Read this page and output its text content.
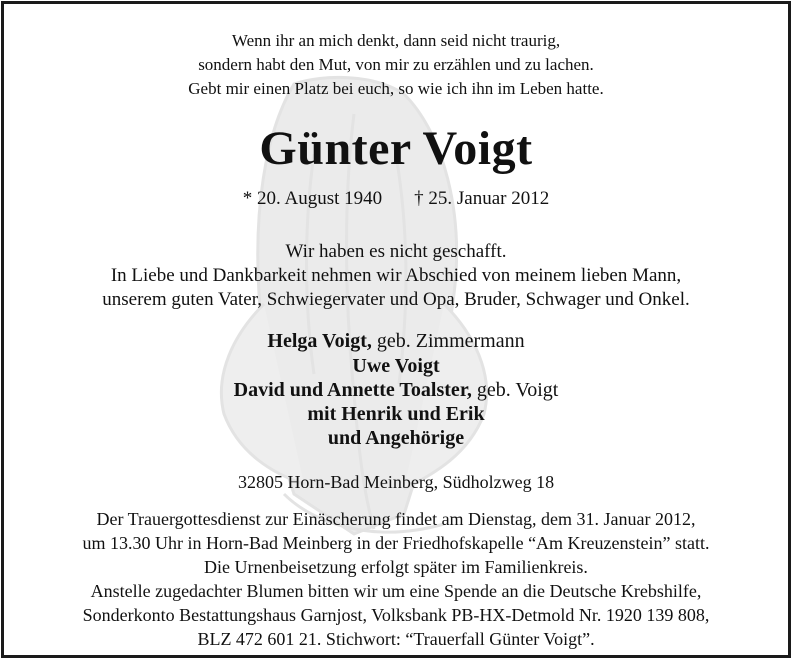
Wenn ihr an mich denkt, dann seid nicht traurig,
sondern habt den Mut, von mir zu erzählen und zu lachen.
Gebt mir einen Platz bei euch, so wie ich ihn im Leben hatte.
Günter Voigt
* 20. August 1940 † 25. Januar 2012
Wir haben es nicht geschafft.
In Liebe und Dankbarkeit nehmen wir Abschied von meinem lieben Mann,
unserem guten Vater, Schwiegervater und Opa, Bruder, Schwager und Onkel.
Helga Voigt, geb. Zimmermann
Uwe Voigt
David und Annette Toalster, geb. Voigt
mit Henrik und Erik
und Angehörige
32805 Horn-Bad Meinberg, Südholzweg 18
Der Trauergottesdienst zur Einäscherung findet am Dienstag, dem 31. Januar 2012,
um 13.30 Uhr in Horn-Bad Meinberg in der Friedhofskapelle “Am Kreuzenstein” statt.
Die Urnenbeisetzung erfolgt später im Familienkreis.
Anstelle zugedachter Blumen bitten wir um eine Spende an die Deutsche Krebshilfe,
Sonderkonto Bestattungshaus Garnjost, Volksbank PB-HX-Detmold Nr. 1920 139 808,
BLZ 472 601 21. Stichwort: “Trauerfall Günter Voigt”.
